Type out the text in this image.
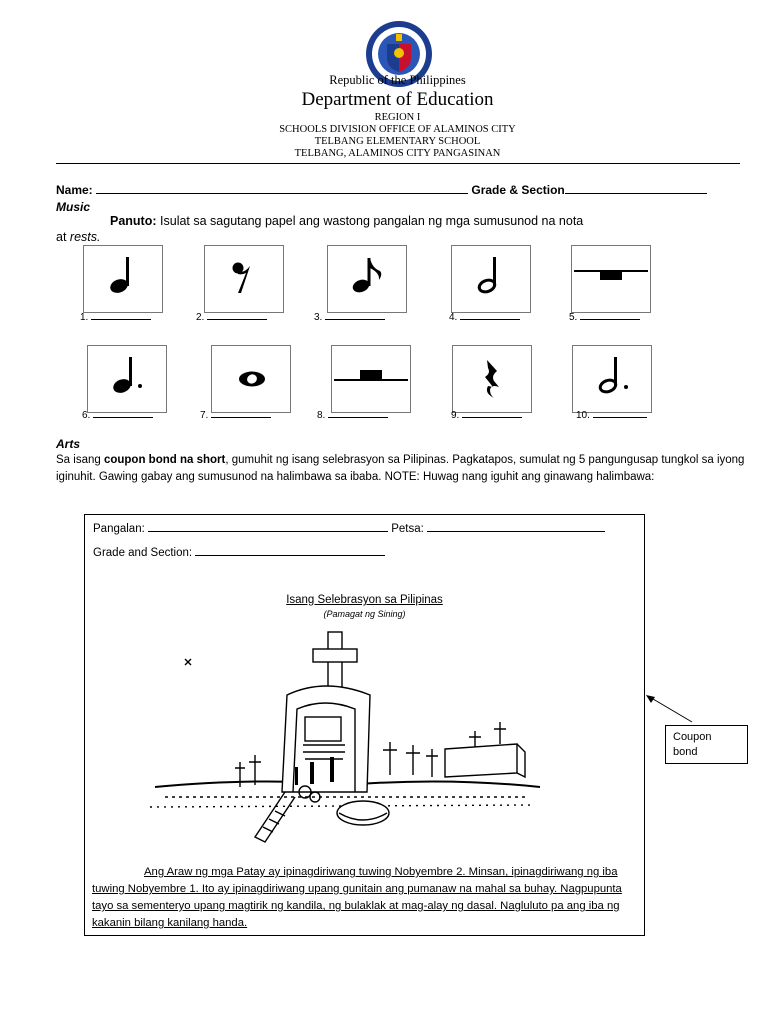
Republic of the Philippines
Department of Education
REGION I
SCHOOLS DIVISION OFFICE OF ALAMINOS CITY
TELBANG ELEMENTARY SCHOOL
TELBANG, ALAMINOS CITY PANGASINAN
Name:	Grade & Section
Music
Panuto: Isulat sa sagutang papel ang wastong pangalan ng mga sumusunod na nota
at rests.
1.	2.	3.	4.	5.
6.	7.	8.	9.	10.
Arts
Sa isang coupon bond na short, gumuhit ng isang selebrasyon sa Pilipinas. Pagkatapos, sumulat ng 5 pangungusap tungkol sa iyong iginuhit. Gawing gabay ang sumusunod na halimbawa sa ibaba. NOTE: Huwag nang iguhit ang ginawang halimbawa:
Pangalan:	Petsa:
Grade and Section:
Isang Selebrasyon sa Pilipinas
(Pamagat ng Sining)
Ang Araw ng mga Patay ay ipinagdiriwang tuwing Nobyembre 2. Minsan, ipinagdiriwang ng iba tuwing Nobyembre 1. Ito ay ipinagdiriwang upang gunitain ang pumanaw na mahal sa buhay. Nagpupunta tayo sa sementeryo upang magtirik ng kandila, ng bulaklak at mag-alay ng dasal. Nagluluto pa ang iba ng kakanin bilang kanilang handa.
Coupon bond
